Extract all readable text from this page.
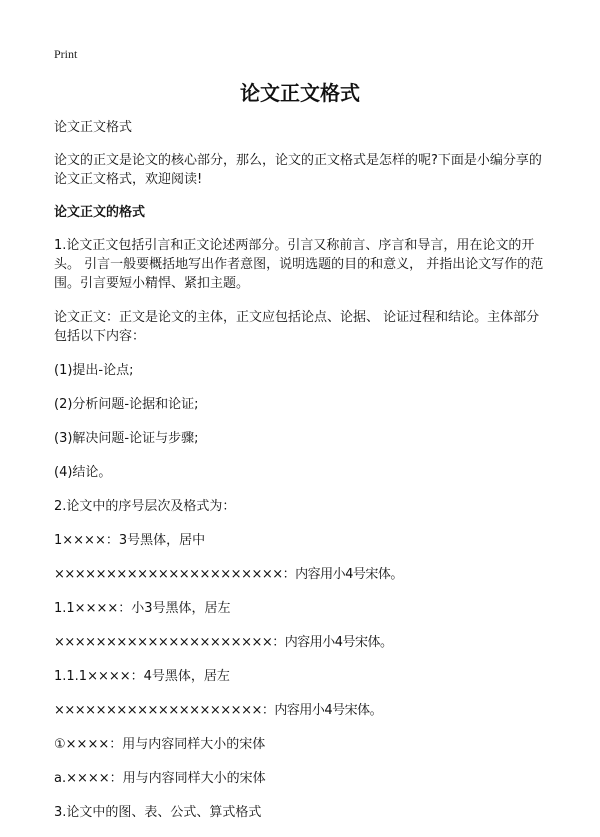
Print
论文正文格式

论文正文格式

论文的正文是论文的核心部分，那么，论文的正文格式是怎样的呢?下面是小编分享的论文正文格式，欢迎阅读!

论文正文的格式

1.论文正文包括引言和正文论述两部分。引言又称前言、序言和导言，用在论文的开头。 引言一般要概括地写出作者意图，说明选题的目的和意义， 并指出论文写作的范围。引言要短小精悍、紧扣主题。

论文正文：正文是论文的主体，正文应包括论点、论据、 论证过程和结论。主体部分包括以下内容：

(1)提出-论点;

(2)分析问题-论据和论证;

(3)解决问题-论证与步骤;

(4)结论。

2.论文中的序号层次及格式为：

1××××：3号黑体，居中

××××××××××××××××××××××：内容用小4号宋体。

1.1××××：小3号黑体，居左

×××××××××××××××××××××：内容用小4号宋体。

1.1.1××××：4号黑体，居左

××××××××××××××××××××：内容用小4号宋体。

①××××：用与内容同样大小的宋体

a.××××：用与内容同样大小的宋体

3.论文中的图、表、公式、算式格式
